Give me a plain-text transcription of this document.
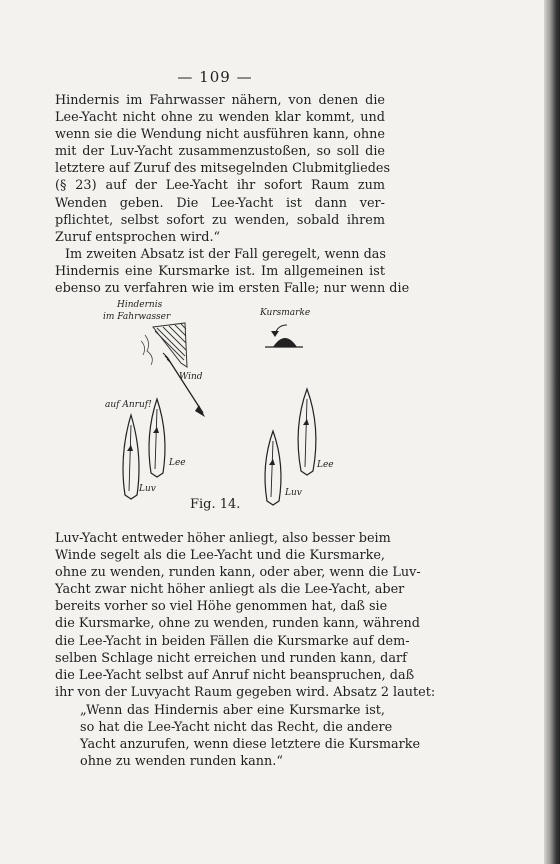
— 109 —
Hindernis im Fahrwasser nähern, von denen die
Lee-Yacht nicht ohne zu wenden klar kommt, und
wenn sie die Wendung nicht ausführen kann, ohne
mit der Luv-Yacht zusammenzustoßen, so soll die
letztere auf Zuruf des mitsegelnden Clubmitgliedes
(§ 23) auf der Lee-Yacht ihr sofort Raum zum
Wenden geben. Die Lee-Yacht ist dann ver-
pflichtet, selbst sofort zu wenden, sobald ihrem
Zuruf entsprochen wird.“
Im zweiten Absatz ist der Fall geregelt, wenn das
Hindernis eine Kursmarke ist. Im allgemeinen ist
ebenso zu verfahren wie im ersten Falle; nur wenn die
Hindernis
im Fahrwasser	Kursmarke
Wind
auf Anruf!
Lee
Luv
Lee
Luv
Fig. 14.
Luv-Yacht entweder höher anliegt, also besser beim
Winde segelt als die Lee-Yacht und die Kursmarke,
ohne zu wenden, runden kann, oder aber, wenn die Luv-
Yacht zwar nicht höher anliegt als die Lee-Yacht, aber
bereits vorher so viel Höhe genommen hat, daß sie
die Kursmarke, ohne zu wenden, runden kann, während
die Lee-Yacht in beiden Fällen die Kursmarke auf dem-
selben Schlage nicht erreichen und runden kann, darf
die Lee-Yacht selbst auf Anruf nicht beanspruchen, daß
ihr von der Luvyacht Raum gegeben wird. Absatz 2 lautet:
„Wenn das Hindernis aber eine Kursmarke ist,
so hat die Lee-Yacht nicht das Recht, die andere
Yacht anzurufen, wenn diese letztere die Kursmarke
ohne zu wenden runden kann.“
